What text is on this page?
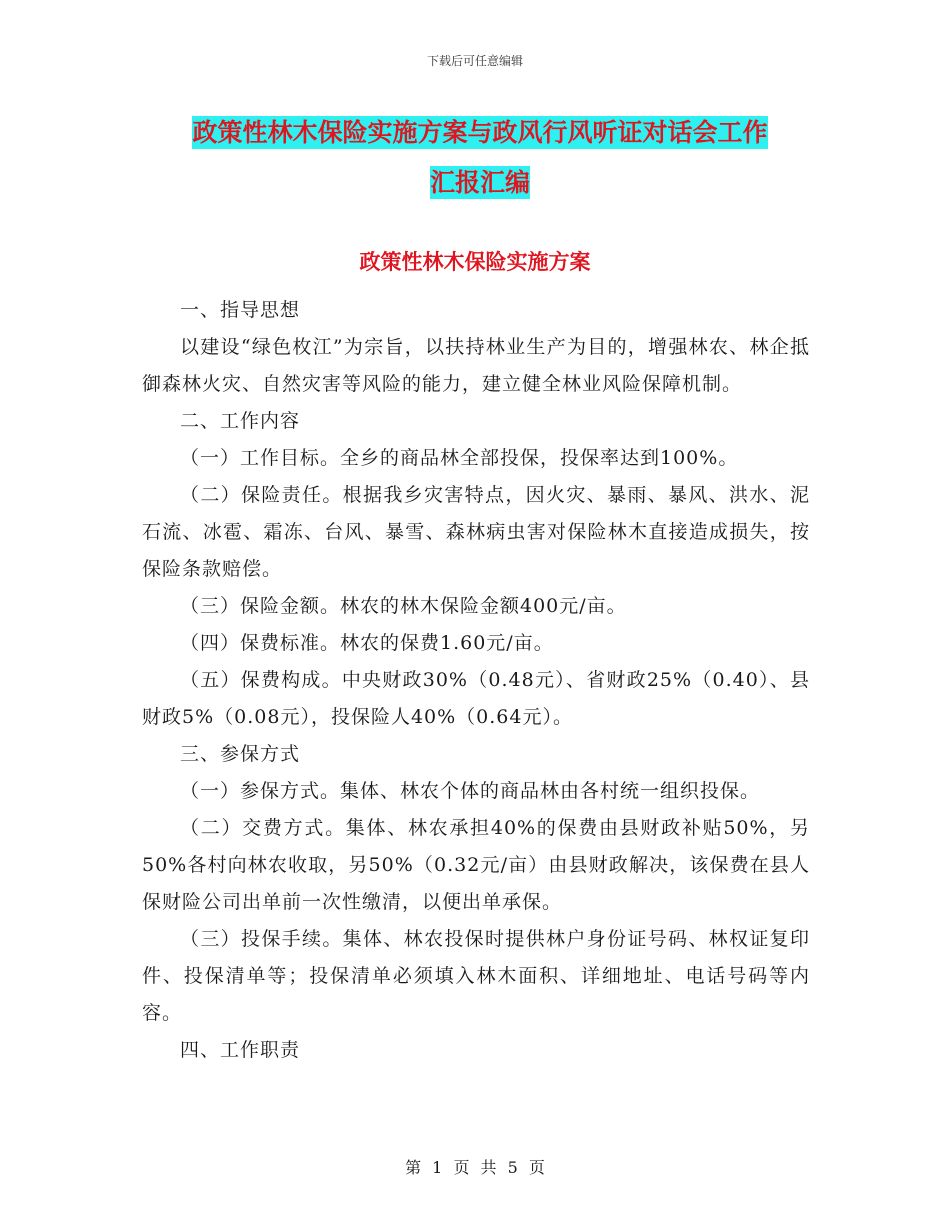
下载后可任意编辑
政策性林木保险实施方案与政风行风听证对话会工作
汇报汇编
政策性林木保险实施方案

一、指导思想

以建设“绿色枚江”为宗旨，以扶持林业生产为目的，增强林农、林企抵御森林火灾、自然灾害等风险的能力，建立健全林业风险保障机制。

二、工作内容

（一）工作目标。全乡的商品林全部投保，投保率达到100%。

（二）保险责任。根据我乡灾害特点，因火灾、暴雨、暴风、洪水、泥石流、冰雹、霜冻、台风、暴雪、森林病虫害对保险林木直接造成损失，按保险条款赔偿。

（三）保险金额。林农的林木保险金额400元/亩。

（四）保费标准。林农的保费1.60元/亩。

（五）保费构成。中央财政30%（0.48元）、省财政25%（0.40）、县财政5%（0.08元），投保险人40%（0.64元）。

三、参保方式

（一）参保方式。集体、林农个体的商品林由各村统一组织投保。

（二）交费方式。集体、林农承担40%的保费由县财政补贴50%，另50%各村向林农收取，另50%（0.32元/亩）由县财政解决，该保费在县人保财险公司出单前一次性缴清，以便出单承保。

（三）投保手续。集体、林农投保时提供林户身份证号码、林权证复印件、投保清单等；投保清单必须填入林木面积、详细地址、电话号码等内容。

四、工作职责

第 1 页 共 5 页
